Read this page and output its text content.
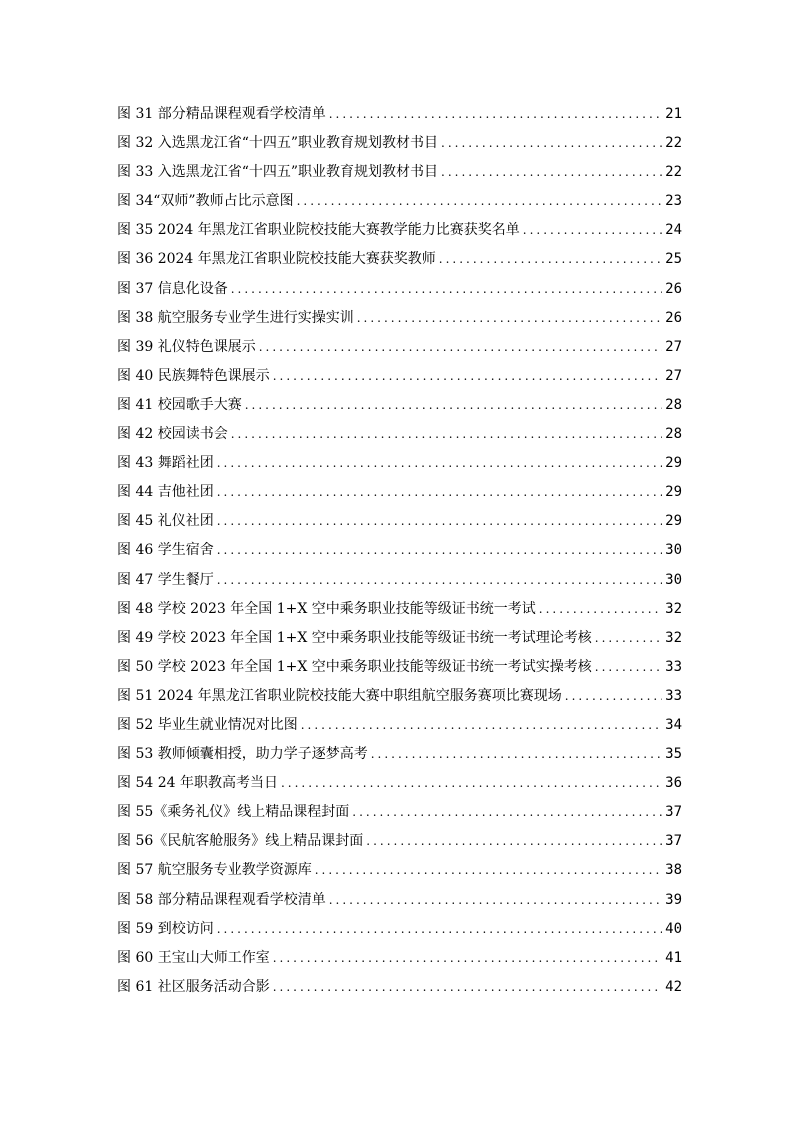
图 31 部分精品课程观看学校清单 .....	21
图 32 入选黑龙江省“十四五”职业教育规划教材书目 .....	22
图 33 入选黑龙江省“十四五”职业教育规划教材书目 .....	22
图 34“双师”教师占比示意图 .....	23
图 35 2024 年黑龙江省职业院校技能大赛教学能力比赛获奖名单 .....	24
图 36 2024 年黑龙江省职业院校技能大赛获奖教师 .....	25
图 37 信息化设备 .....	26
图 38 航空服务专业学生进行实操实训 .....	26
图 39 礼仪特色课展示 .....	27
图 40 民族舞特色课展示 .....	27
图 41 校园歌手大赛 .....	28
图 42 校园读书会 .....	28
图 43 舞蹈社团 .....	29
图 44 吉他社团 .....	29
图 45 礼仪社团 .....	29
图 46 学生宿舍 .....	30
图 47 学生餐厅 .....	30
图 48 学校 2023 年全国 1+X 空中乘务职业技能等级证书统一考试 .....	32
图 49 学校 2023 年全国 1+X 空中乘务职业技能等级证书统一考试理论考核 .....	32
图 50 学校 2023 年全国 1+X 空中乘务职业技能等级证书统一考试实操考核 .....	33
图 51 2024 年黑龙江省职业院校技能大赛中职组航空服务赛项比赛现场 .....	33
图 52 毕业生就业情况对比图 .....	34
图 53 教师倾囊相授，助力学子逐梦高考 .....	35
图 54 24 年职教高考当日 .....	36
图 55《乘务礼仪》线上精品课程封面 .....	37
图 56《民航客舱服务》线上精品课封面 .....	37
图 57 航空服务专业教学资源库 .....	38
图 58 部分精品课程观看学校清单 .....	39
图 59 到校访问 .....	40
图 60 王宝山大师工作室 .....	41
图 61 社区服务活动合影 .....	42
